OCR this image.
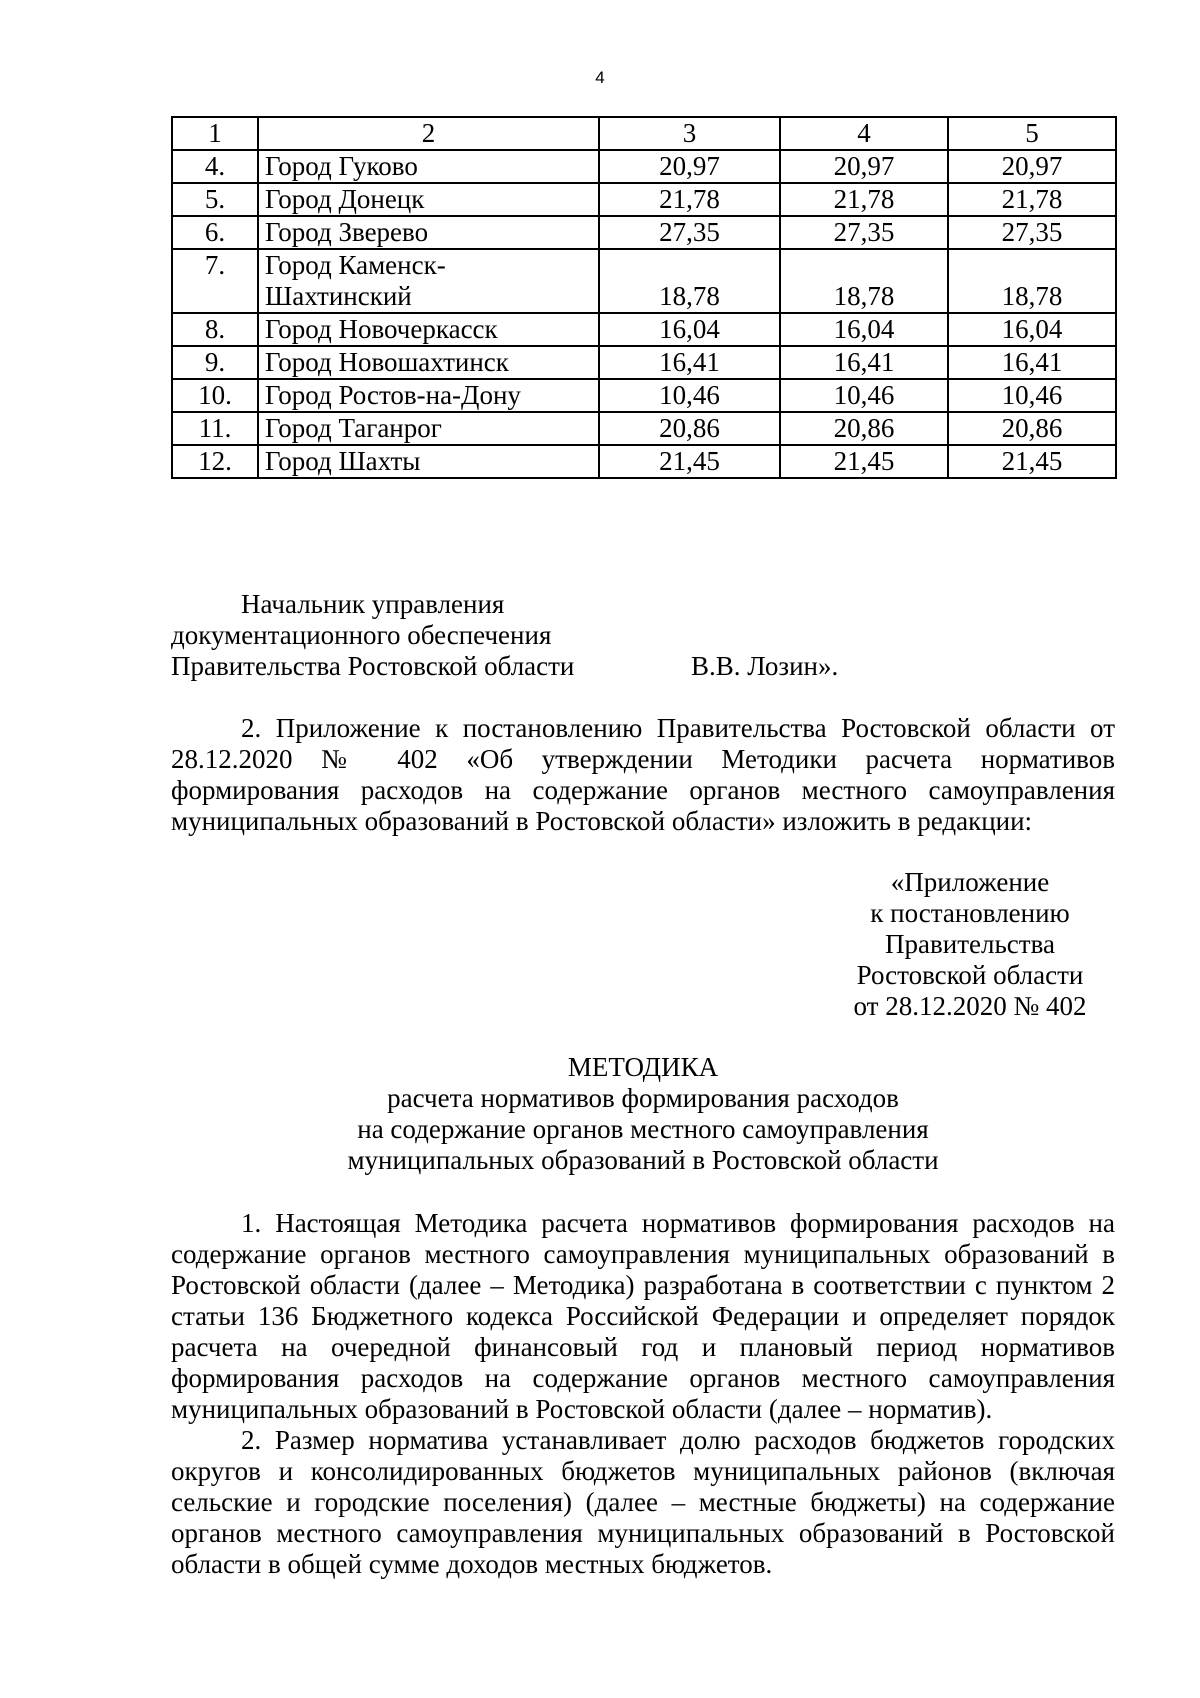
4
1	2	3	4	5
4.	Город Гуково	20,97	20,97	20,97
5.	Город Донецк	21,78	21,78	21,78
6.	Город Зверево	27,35	27,35	27,35
7.	Город Каменск-
Шахтинский	18,78	18,78	18,78
8.	Город Новочеркасск	16,04	16,04	16,04
9.	Город Новошахтинск	16,41	16,41	16,41
10.	Город Ростов-на-Дону	10,46	10,46	10,46
11.	Город Таганрог	20,86	20,86	20,86
12.	Город Шахты	21,45	21,45	21,45
Начальник управления
документационного обеспечения
Правительства Ростовской области	В.В. Лозин».

2. Приложение к постановлению Правительства Ростовской области от 28.12.2020 № 402 «Об утверждении Методики расчета нормативов формирования расходов на содержание органов местного самоуправления муниципальных образований в Ростовской области» изложить в редакции:

«Приложение
к постановлению
Правительства
Ростовской области
от 28.12.2020 № 402
МЕТОДИКА
расчета нормативов формирования расходов
на содержание органов местного самоуправления
муниципальных образований в Ростовской области

1. Настоящая Методика расчета нормативов формирования расходов на содержание органов местного самоуправления муниципальных образований в Ростовской области (далее – Методика) разработана в соответствии с пунктом 2 статьи 136 Бюджетного кодекса Российской Федерации и определяет порядок расчета на очередной финансовый год и плановый период нормативов формирования расходов на содержание органов местного самоуправления муниципальных образований в Ростовской области (далее – норматив).

2. Размер норматива устанавливает долю расходов бюджетов городских округов и консолидированных бюджетов муниципальных районов (включая сельские и городские поселения) (далее – местные бюджеты) на содержание органов местного самоуправления муниципальных образований в Ростовской области в общей сумме доходов местных бюджетов.
